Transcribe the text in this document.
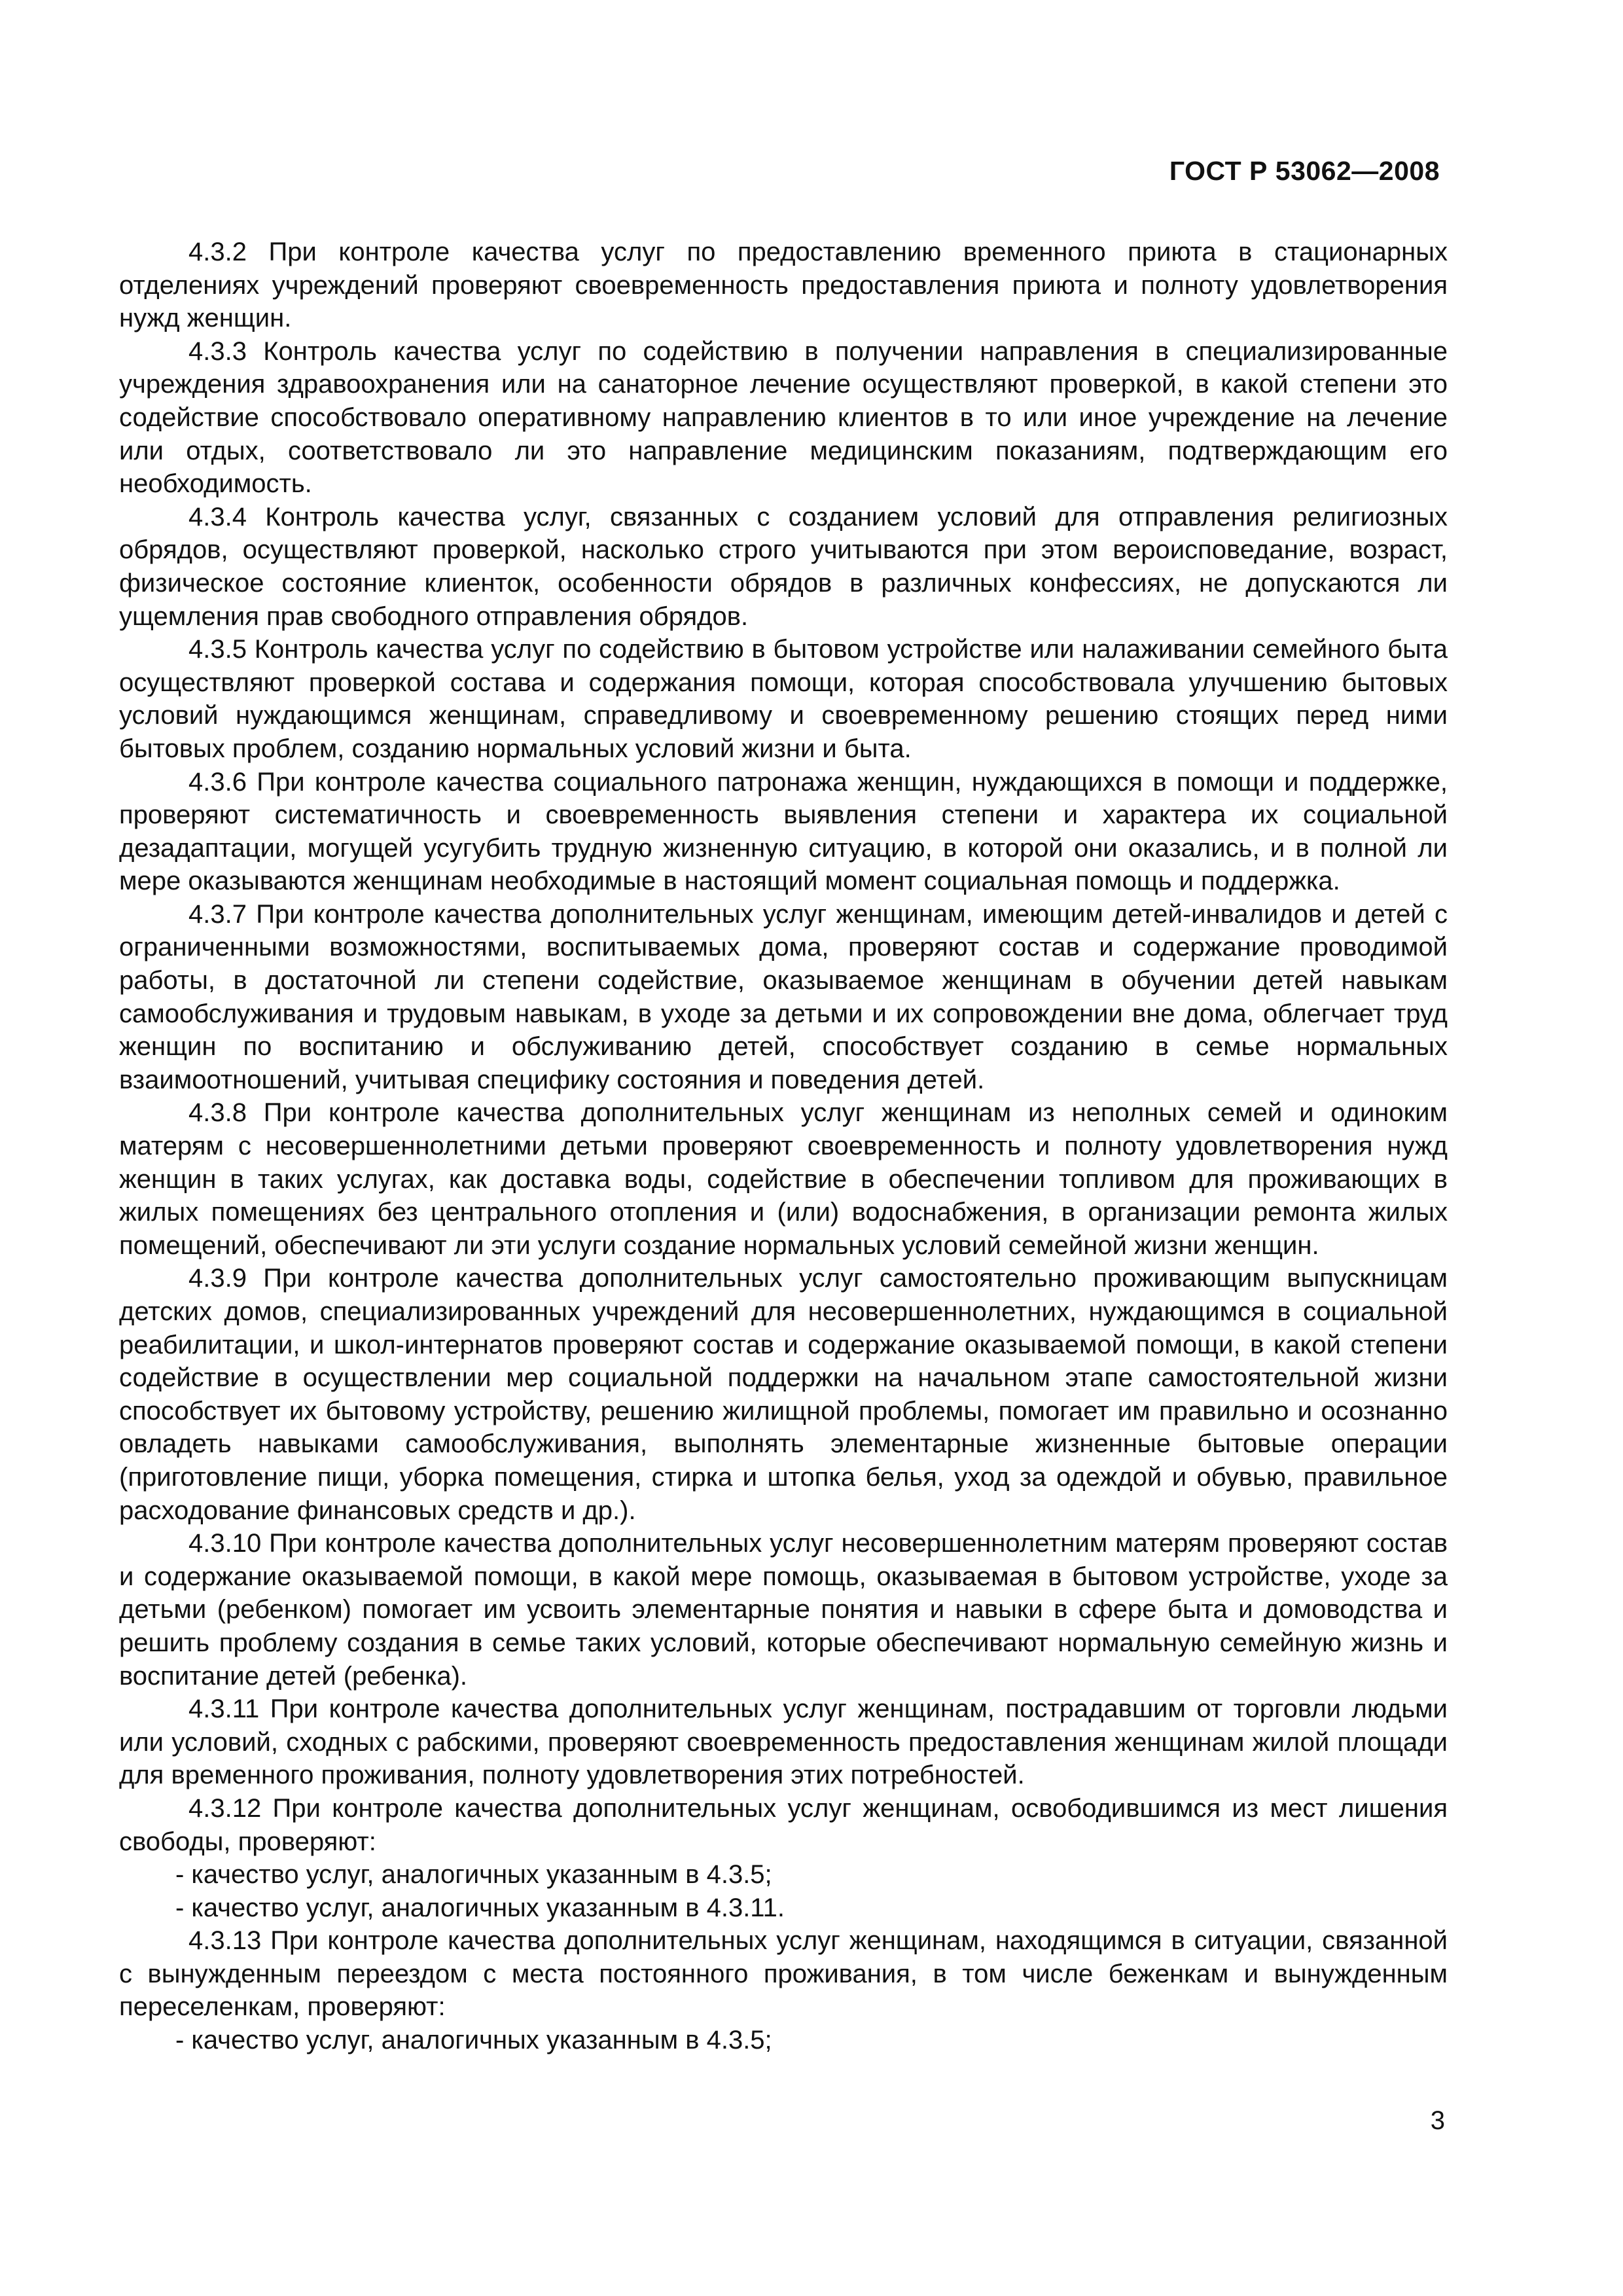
ГОСТ Р 53062—2008

4.3.2 При контроле качества услуг по предоставлению временного приюта в стационарных отделениях учреждений проверяют своевременность предоставления приюта и полноту удовлетворения нужд женщин.

4.3.3 Контроль качества услуг по содействию в получении направления в специализированные учреждения здравоохранения или на санаторное лечение осуществляют проверкой, в какой степени это содействие способствовало оперативному направлению клиентов в то или иное учреждение на лечение или отдых, соответствовало ли это направление медицинским показаниям, подтверждающим его необходимость.

4.3.4 Контроль качества услуг, связанных с созданием условий для отправления религиозных обрядов, осуществляют проверкой, насколько строго учитываются при этом вероисповедание, возраст, физическое состояние клиенток, особенности обрядов в различных конфессиях, не допускаются ли ущемления прав свободного отправления обрядов.

4.3.5 Контроль качества услуг по содействию в бытовом устройстве или налаживании семейного быта осуществляют проверкой состава и содержания помощи, которая способствовала улучшению бытовых условий нуждающимся женщинам, справедливому и своевременному решению стоящих перед ними бытовых проблем, созданию нормальных условий жизни и быта.

4.3.6 При контроле качества социального патронажа женщин, нуждающихся в помощи и поддержке, проверяют систематичность и своевременность выявления степени и характера их социальной дезадаптации, могущей усугубить трудную жизненную ситуацию, в которой они оказались, и в полной ли мере оказываются женщинам необходимые в настоящий момент социальная помощь и поддержка.

4.3.7 При контроле качества дополнительных услуг женщинам, имеющим детей-инвалидов и детей с ограниченными возможностями, воспитываемых дома, проверяют состав и содержание проводимой работы, в достаточной ли степени содействие, оказываемое женщинам в обучении детей навыкам самообслуживания и трудовым навыкам, в уходе за детьми и их сопровождении вне дома, облегчает труд женщин по воспитанию и обслуживанию детей, способствует созданию в семье нормальных взаимоотношений, учитывая специфику состояния и поведения детей.

4.3.8 При контроле качества дополнительных услуг женщинам из неполных семей и одиноким матерям с несовершеннолетними детьми проверяют своевременность и полноту удовлетворения нужд женщин в таких услугах, как доставка воды, содействие в обеспечении топливом для проживающих в жилых помещениях без центрального отопления и (или) водоснабжения, в организации ремонта жилых помещений, обеспечивают ли эти услуги создание нормальных условий семейной жизни женщин.

4.3.9 При контроле качества дополнительных услуг самостоятельно проживающим выпускницам детских домов, специализированных учреждений для несовершеннолетних, нуждающимся в социальной реабилитации, и школ-интернатов проверяют состав и содержание оказываемой помощи, в какой степени содействие в осуществлении мер социальной поддержки на начальном этапе самостоятельной жизни способствует их бытовому устройству, решению жилищной проблемы, помогает им правильно и осознанно овладеть навыками самообслуживания, выполнять элементарные жизненные бытовые операции (приготовление пищи, уборка помещения, стирка и штопка белья, уход за одеждой и обувью, правильное расходование финансовых средств и др.).

4.3.10 При контроле качества дополнительных услуг несовершеннолетним матерям проверяют состав и содержание оказываемой помощи, в какой мере помощь, оказываемая в бытовом устройстве, уходе за детьми (ребенком) помогает им усвоить элементарные понятия и навыки в сфере быта и домоводства и решить проблему создания в семье таких условий, которые обеспечивают нормальную семейную жизнь и воспитание детей (ребенка).

4.3.11 При контроле качества дополнительных услуг женщинам, пострадавшим от торговли людьми или условий, сходных с рабскими, проверяют своевременность предоставления женщинам жилой площади для временного проживания, полноту удовлетворения этих потребностей.

4.3.12 При контроле качества дополнительных услуг женщинам, освободившимся из мест лишения свободы, проверяют:

- качество услуг, аналогичных указанным в 4.3.5;

- качество услуг, аналогичных указанным в 4.3.11.

4.3.13 При контроле качества дополнительных услуг женщинам, находящимся в ситуации, связанной с вынужденным переездом с места постоянного проживания, в том числе беженкам и вынужденным переселенкам, проверяют:

- качество услуг, аналогичных указанным в 4.3.5;

3
